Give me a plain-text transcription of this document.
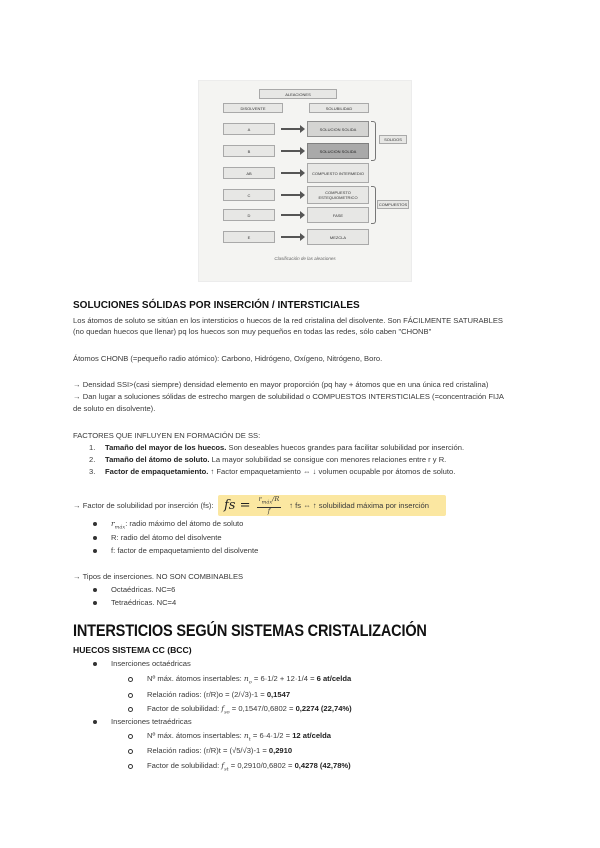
ALEACIONES
DISOLVENTE	SOLUBILIDAD
A	SOLUCION SOLIDA
B	SOLUCION SOLIDA
AB	COMPUESTO INTERMEDIO
C	COMPUESTO ESTEQUIOMETRICO
D	FASE
E	MEZCLA
SOLIDOS
COMPUESTOS
Clasificación de las aleaciones
SOLUCIONES SÓLIDAS POR INSERCIÓN / INTERSTICIALES
Los átomos de soluto se sitúan en los intersticios o huecos de la red cristalina del disolvente. Son FÁCILMENTE SATURABLES
(no quedan huecos que llenar) pq los huecos son muy pequeños en todas las redes, sólo caben "CHONB"
Átomos CHONB (=pequeño radio atómico): Carbono, Hidrógeno, Oxígeno, Nitrógeno, Boro.
→ Densidad SSI>(casi siempre) densidad elemento en mayor proporción (pq hay + átomos que en una única red cristalina)
→ Dan lugar a soluciones sólidas de estrecho margen de solubilidad o COMPUESTOS INTERSTICIALES (=concentración FIJA
de soluto en disolvente).
FACTORES QUE INFLUYEN EN FORMACIÓN DE SS:
1. Tamaño del mayor de los huecos. Son deseables huecos grandes para facilitar solubilidad por inserción.
2. Tamaño del átomo de soluto. La mayor solubilidad se consigue con menores relaciones entre r y R.
3. Factor de empaquetamiento. ↑ Factor empaquetamiento ⇔ ↓ volumen ocupable por átomos de soluto.
→ Factor de solubilidad por inserción (fs): fs = $\frac{r_{máx}/R}{f}$ ↑ fs ⇔ ↑ solubilidad máxima por inserción
$r_{máx}$: radio máximo del átomo de soluto
R: radio del átomo del disolvente
f: factor de empaquetamiento del disolvente
→ Tipos de inserciones. NO SON COMBINABLES
Octaédricas. NC=6
Tetraédricas. NC=4
INTERSTICIOS SEGÚN SISTEMAS CRISTALIZACIÓN
HUECOS SISTEMA CC (BCC)
Inserciones octaédricas
Nº máx. átomos insertables: $n_o = 6\cdot 1/2 + 12\cdot 1/4 = 6$ at/celda
Relación radios: (r/R)o = (2/√3)-1 = 0,1547
Factor de solubilidad: $f_{so} = 0,1547/0,6802 = 0,2274$ (22,74%)
Inserciones tetraédricas
Nº máx. átomos insertables: $n_t = 6\cdot 4\cdot 1/2 = 12$ at/celda
Relación radios: (r/R)t = (√5/√3)-1 = 0,2910
Factor de solubilidad: $f_{st} = 0,2910/0,6802 = 0,4278$ (42,78%)
